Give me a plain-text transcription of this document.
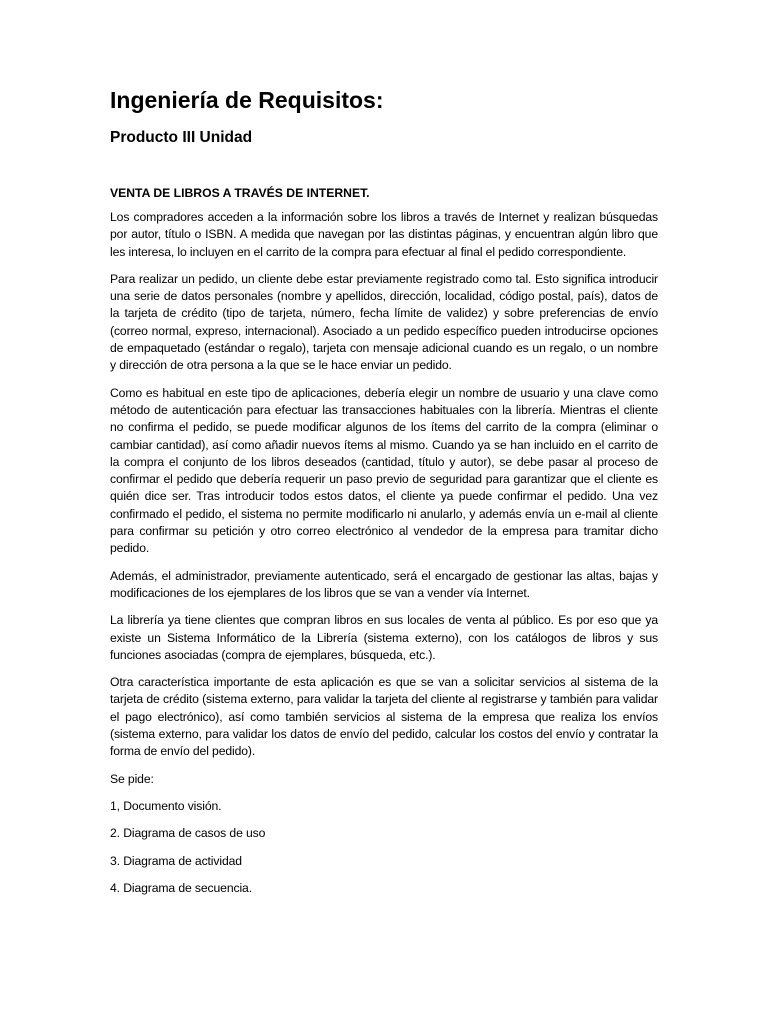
Ingeniería de Requisitos:
Producto III Unidad

VENTA DE LIBROS A TRAVÉS DE INTERNET.

Los compradores acceden a la información sobre los libros a través de Internet y realizan búsquedas por autor, título o ISBN. A medida que navegan por las distintas páginas, y encuentran algún libro que les interesa, lo incluyen en el carrito de la compra para efectuar al final el pedido correspondiente.

Para realizar un pedido, un cliente debe estar previamente registrado como tal. Esto significa introducir una serie de datos personales (nombre y apellidos, dirección, localidad, código postal, país), datos de la tarjeta de crédito (tipo de tarjeta, número, fecha límite de validez) y sobre preferencias de envío (correo normal, expreso, internacional). Asociado a un pedido específico pueden introducirse opciones de empaquetado (estándar o regalo), tarjeta con mensaje adicional cuando es un regalo, o un nombre y dirección de otra persona a la que se le hace enviar un pedido.

Como es habitual en este tipo de aplicaciones, debería elegir un nombre de usuario y una clave como método de autenticación para efectuar las transacciones habituales con la librería. Mientras el cliente no confirma el pedido, se puede modificar algunos de los ítems del carrito de la compra (eliminar o cambiar cantidad), así como añadir nuevos ítems al mismo. Cuando ya se han incluido en el carrito de la compra el conjunto de los libros deseados (cantidad, título y autor), se debe pasar al proceso de confirmar el pedido que debería requerir un paso previo de seguridad para garantizar que el cliente es quién dice ser. Tras introducir todos estos datos, el cliente ya puede confirmar el pedido. Una vez confirmado el pedido, el sistema no permite modificarlo ni anularlo, y además envía un e-mail al cliente para confirmar su petición y otro correo electrónico al vendedor de la empresa para tramitar dicho pedido.

Además, el administrador, previamente autenticado, será el encargado de gestionar las altas, bajas y modificaciones de los ejemplares de los libros que se van a vender vía Internet.

La librería ya tiene clientes que compran libros en sus locales de venta al público. Es por eso que ya existe un Sistema Informático de la Librería (sistema externo), con los catálogos de libros y sus funciones asociadas (compra de ejemplares, búsqueda, etc.).

Otra característica importante de esta aplicación es que se van a solicitar servicios al sistema de la tarjeta de crédito (sistema externo, para validar la tarjeta del cliente al registrarse y también para validar el pago electrónico), así como también servicios al sistema de la empresa que realiza los envíos (sistema externo, para validar los datos de envío del pedido, calcular los costos del envío y contratar la forma de envío del pedido).

Se pide:

1, Documento visión.

2. Diagrama de casos de uso

3. Diagrama de actividad

4. Diagrama de secuencia.
